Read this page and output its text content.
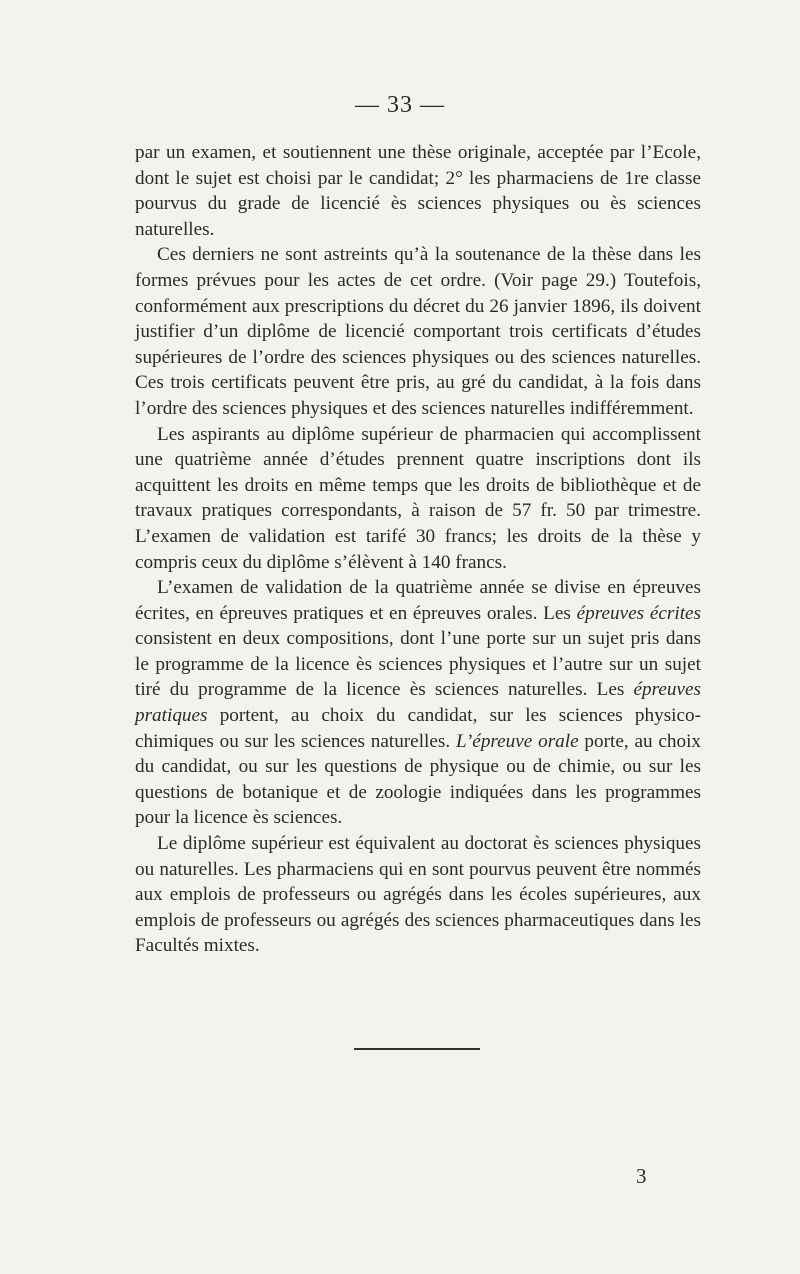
— 33 —

par un examen, et soutiennent une thèse originale, acceptée par l’Ecole, dont le sujet est choisi par le candidat; 2° les pharmaciens de 1re classe pourvus du grade de licencié ès sciences physiques ou ès sciences naturelles.

Ces derniers ne sont astreints qu’à la soutenance de la thèse dans les formes prévues pour les actes de cet ordre. (Voir page 29.) Toutefois, conformément aux prescriptions du décret du 26 janvier 1896, ils doivent justifier d’un diplôme de licencié comportant trois certificats d’études supérieures de l’ordre des sciences physiques ou des sciences naturelles. Ces trois certificats peuvent être pris, au gré du candidat, à la fois dans l’ordre des sciences physiques et des sciences naturelles indifféremment.

Les aspirants au diplôme supérieur de pharmacien qui accomplissent une quatrième année d’études prennent quatre inscriptions dont ils acquittent les droits en même temps que les droits de bibliothèque et de travaux pratiques correspondants, à raison de 57 fr. 50 par trimestre. L’examen de validation est tarifé 30 francs; les droits de la thèse y compris ceux du diplôme s’élèvent à 140 francs.

L’examen de validation de la quatrième année se divise en épreuves écrites, en épreuves pratiques et en épreuves orales. Les épreuves écrites consistent en deux compositions, dont l’une porte sur un sujet pris dans le programme de la licence ès sciences physiques et l’autre sur un sujet tiré du programme de la licence ès sciences naturelles. Les épreuves pratiques portent, au choix du candidat, sur les sciences physico-chimiques ou sur les sciences naturelles. L’épreuve orale porte, au choix du candidat, ou sur les questions de physique ou de chimie, ou sur les questions de botanique et de zoologie indiquées dans les programmes pour la licence ès sciences.

Le diplôme supérieur est équivalent au doctorat ès sciences physiques ou naturelles. Les pharmaciens qui en sont pourvus peuvent être nommés aux emplois de professeurs ou agrégés dans les écoles supérieures, aux emplois de professeurs ou agrégés des sciences pharmaceutiques dans les Facultés mixtes.

3
